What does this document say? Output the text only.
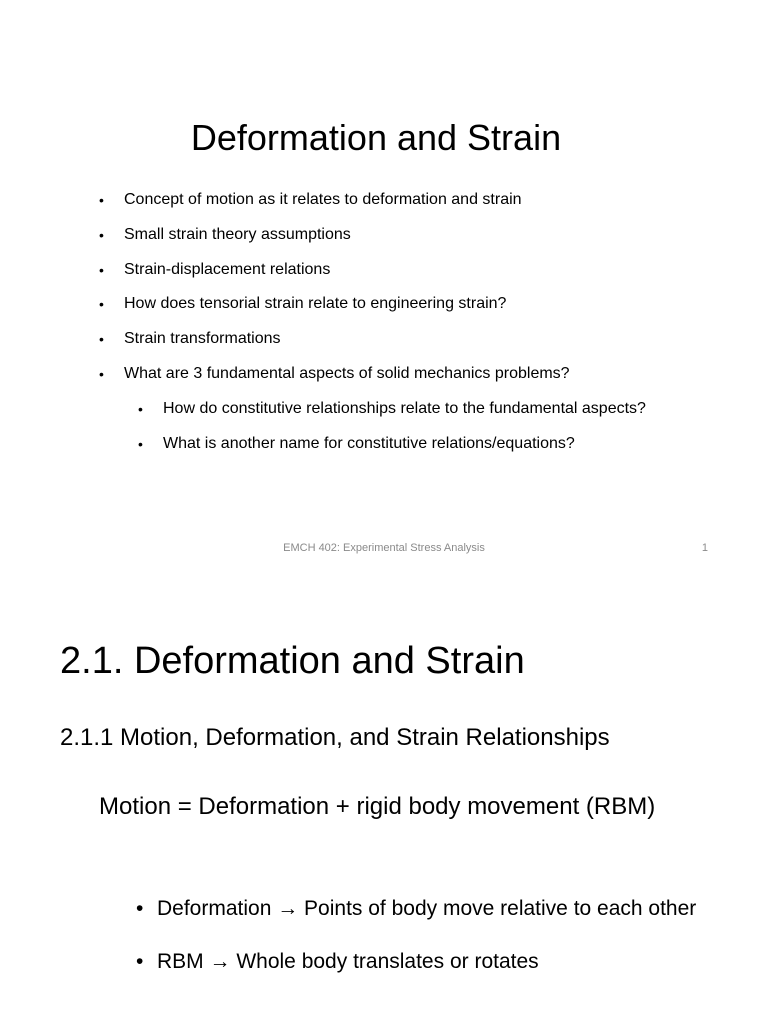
Deformation and Strain
• Concept of motion as it relates to deformation and strain
• Small strain theory assumptions
• Strain-displacement relations
• How does tensorial strain relate to engineering strain?
• Strain transformations
• What are 3 fundamental aspects of solid mechanics problems?
• How do constitutive relationships relate to the fundamental aspects?
• What is another name for constitutive relations/equations?
EMCH 402: Experimental Stress Analysis	1
2.1. Deformation and Strain
2.1.1 Motion, Deformation, and Strain Relationships

Motion = Deformation + rigid body movement (RBM)

• Deformation → Points of body move relative to each other
• RBM → Whole body translates or rotates
